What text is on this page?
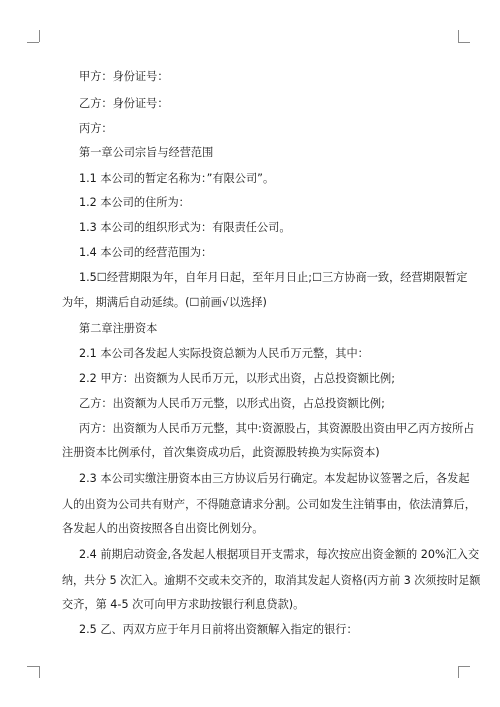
甲方：身份证号：
乙方：身份证号：
丙方：
第一章公司宗旨与经营范围
1.1 本公司的暂定名称为：”有限公司”。
1.2 本公司的住所为：
1.3 本公司的组织形式为：有限责任公司。
1.4 本公司的经营范围为：
1.5☐经营期限为年，自年月日起，至年月日止;☐三方协商一致，经营期限暂定
为年，期满后自动延续。(☐前画√以选择)
第二章注册资本
2.1 本公司各发起人实际投资总额为人民币万元整，其中：
2.2 甲方：出资额为人民币万元，以形式出资，占总投资额比例;
乙方：出资额为人民币万元整，以形式出资，占总投资额比例;
丙方：出资额为人民币万元整，其中:资源股占，其资源股出资由甲乙丙方按所占
注册资本比例承付，首次集资成功后，此资源股转换为实际资本)
2.3 本公司实缴注册资本由三方协议后另行确定。本发起协议签署之后，各发起
人的出资为公司共有财产，不得随意请求分割。公司如发生注销事由，依法清算后，
各发起人的出资按照各自出资比例划分。
2.4 前期启动资金,各发起人根据项目开支需求，每次按应出资金额的 20%汇入交
纳，共分 5 次汇入。逾期不交或未交齐的，取消其发起人资格(丙方前 3 次须按时足额
交齐，第 4-5 次可向甲方求助按银行利息贷款)。
2.5 乙、丙双方应于年月日前将出资额解入指定的银行：
